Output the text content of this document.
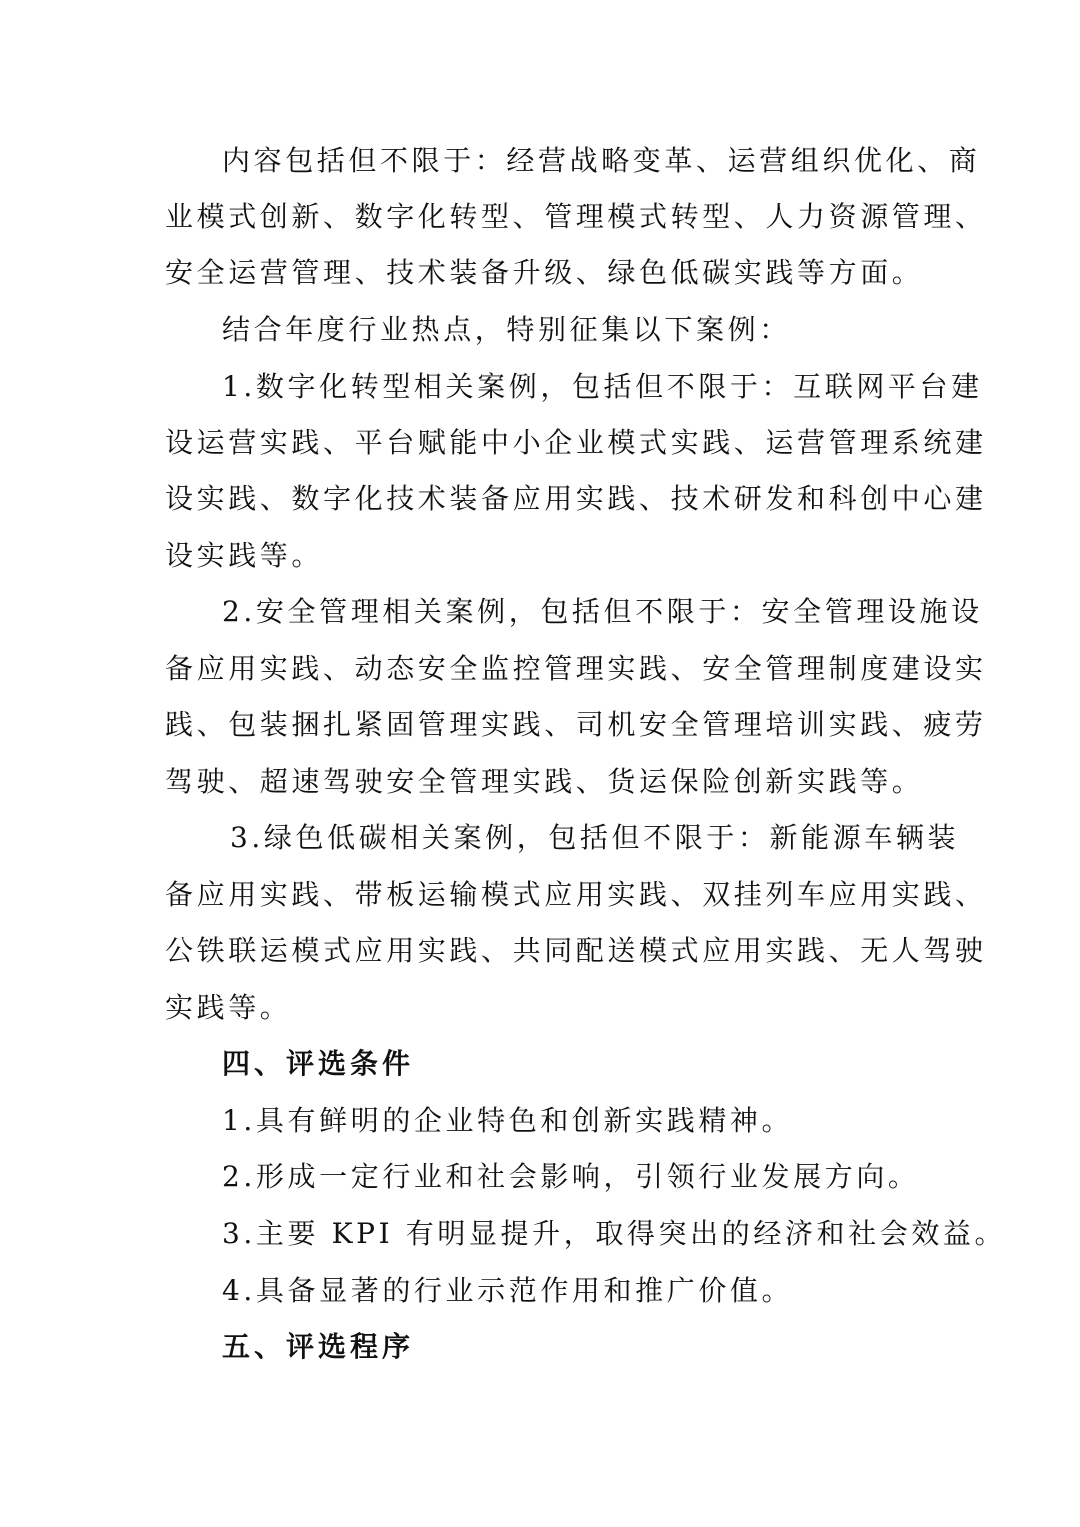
内容包括但不限于：经营战略变革、运营组织优化、商
业模式创新、数字化转型、管理模式转型、人力资源管理、
安全运营管理、技术装备升级、绿色低碳实践等方面。
结合年度行业热点，特别征集以下案例：
1.数字化转型相关案例，包括但不限于：互联网平台建
设运营实践、平台赋能中小企业模式实践、运营管理系统建
设实践、数字化技术装备应用实践、技术研发和科创中心建
设实践等。
2.安全管理相关案例，包括但不限于：安全管理设施设
备应用实践、动态安全监控管理实践、安全管理制度建设实
践、包装捆扎紧固管理实践、司机安全管理培训实践、疲劳
驾驶、超速驾驶安全管理实践、货运保险创新实践等。
3.绿色低碳相关案例，包括但不限于：新能源车辆装
备应用实践、带板运输模式应用实践、双挂列车应用实践、
公铁联运模式应用实践、共同配送模式应用实践、无人驾驶
实践等。
四、评选条件
1.具有鲜明的企业特色和创新实践精神。
2.形成一定行业和社会影响，引领行业发展方向。
3.主要 KPI 有明显提升，取得突出的经济和社会效益。
4.具备显著的行业示范作用和推广价值。
五、评选程序
